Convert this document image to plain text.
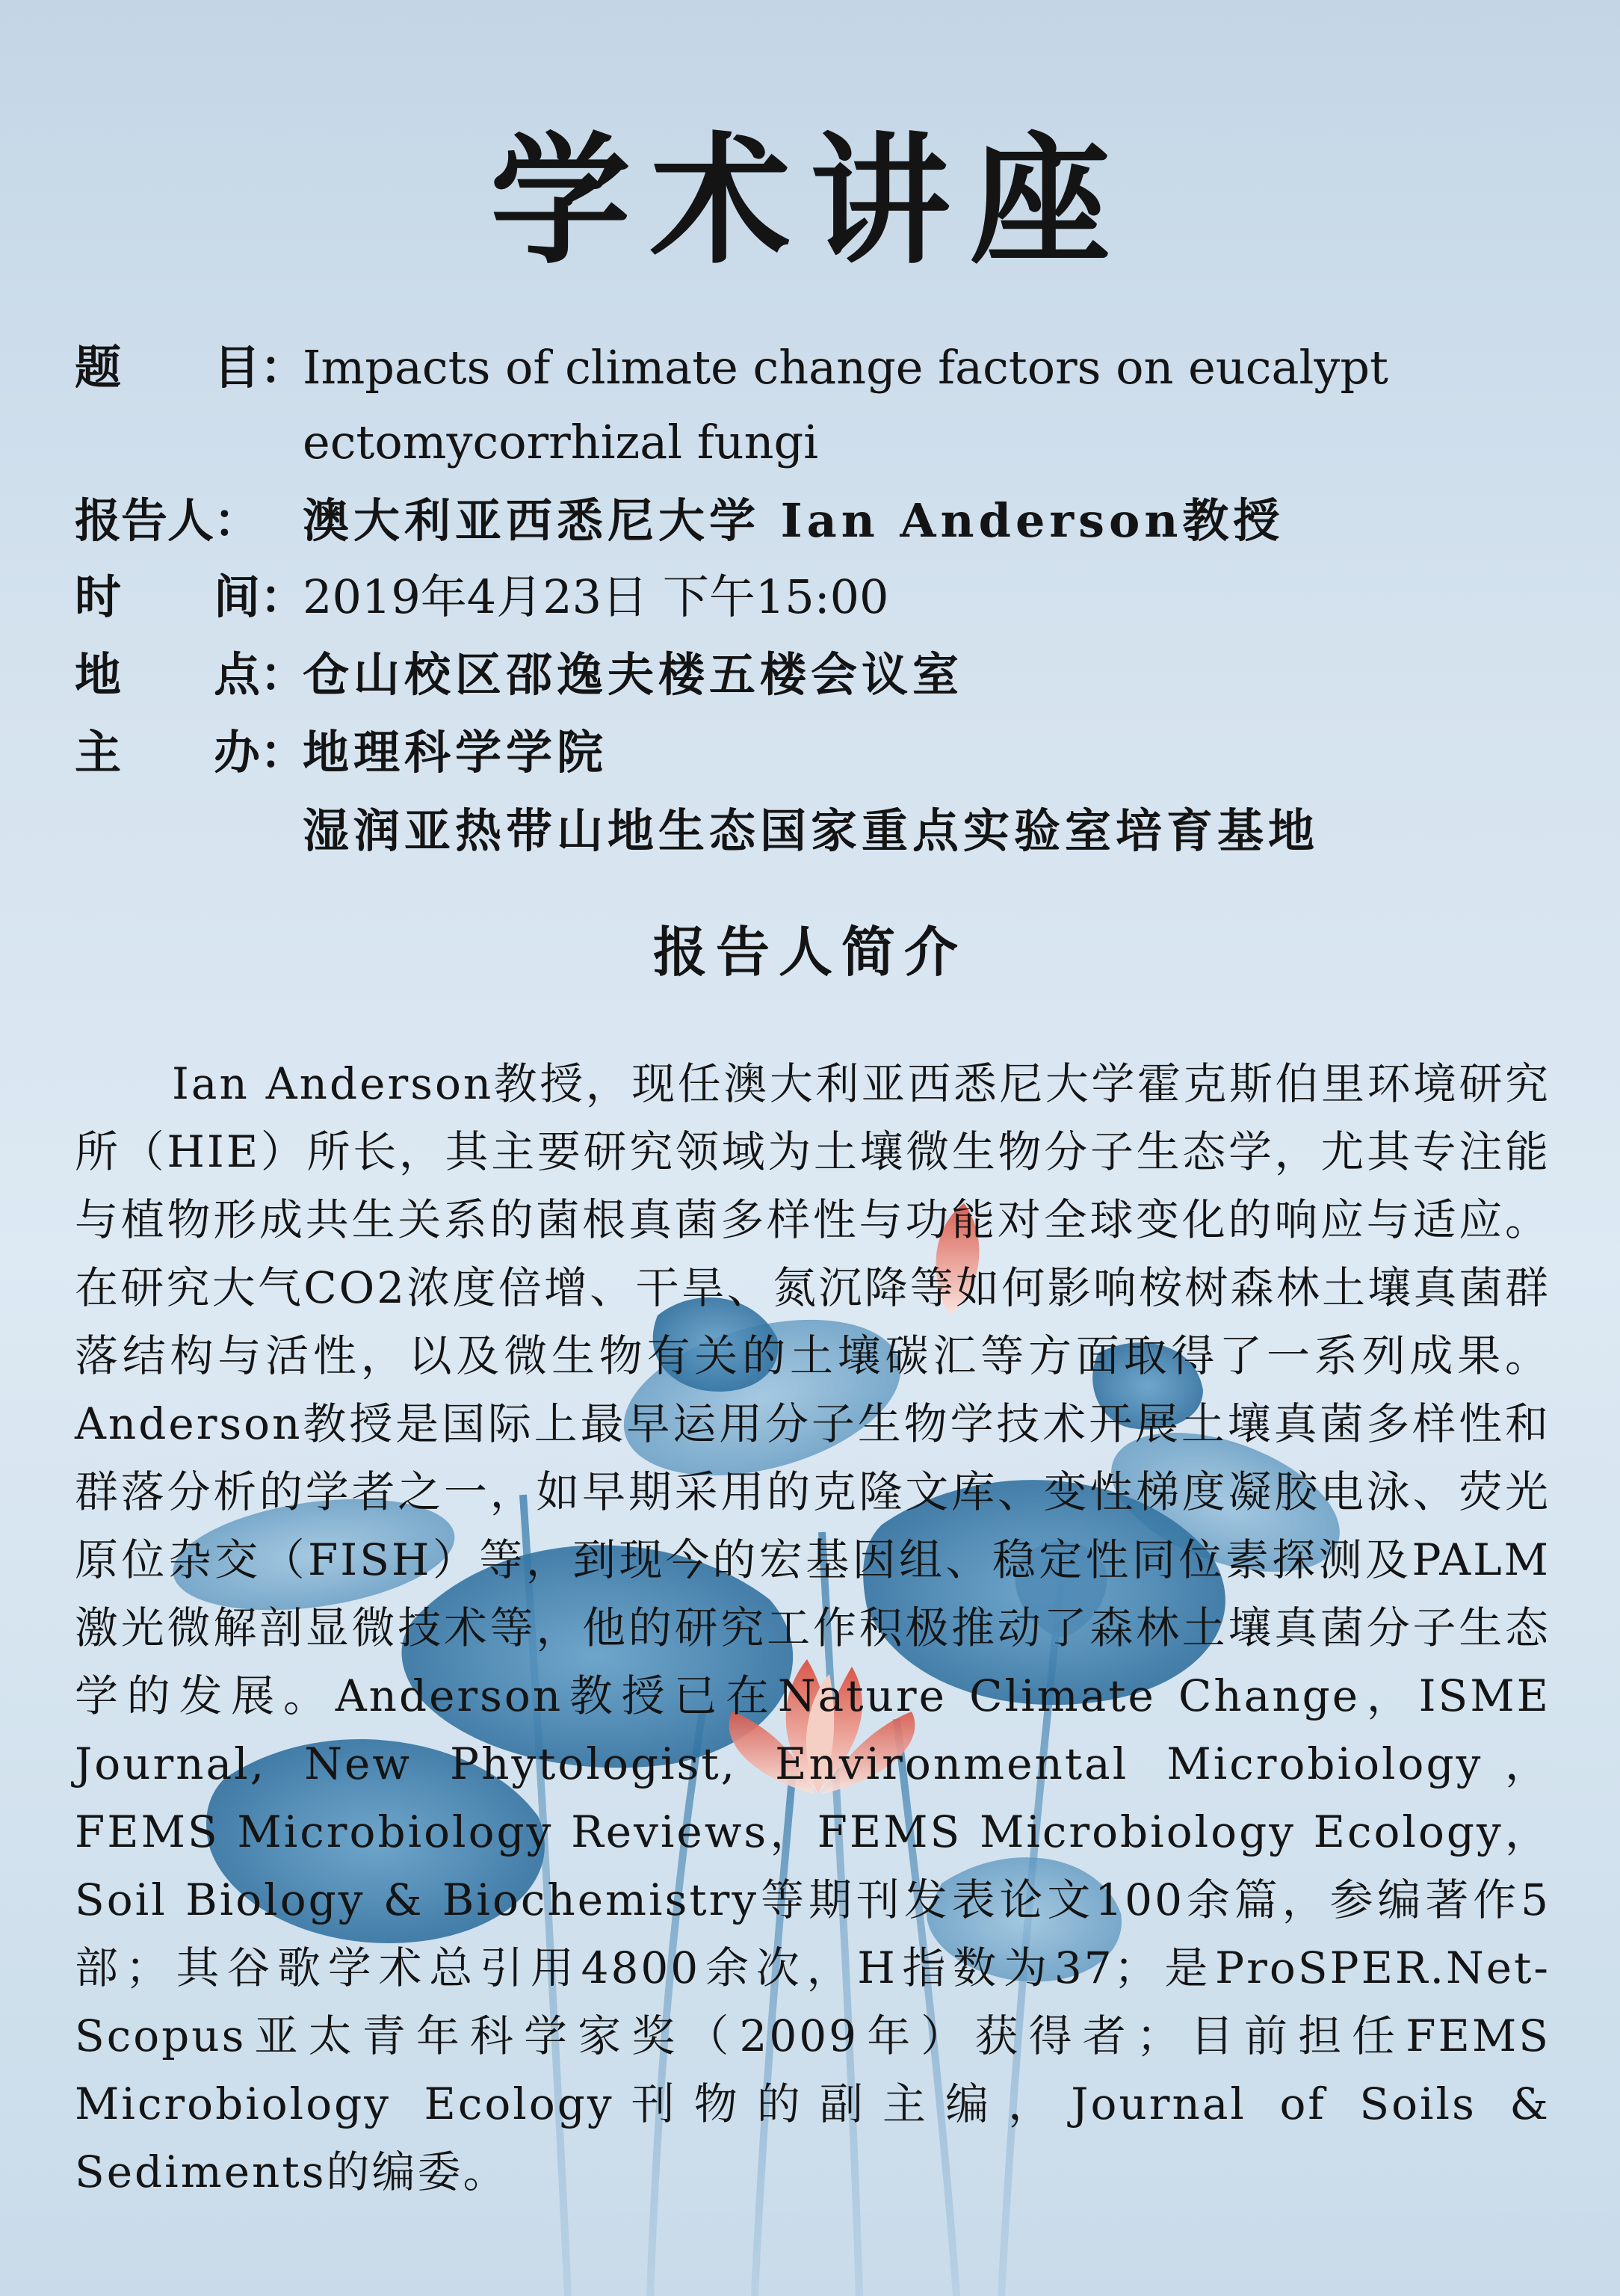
学术讲座
题　　目：
Impacts of climate change factors on eucalypt
ectomycorrhizal fungi
报告人： 澳大利亚西悉尼大学 Ian Anderson教授
时　　间：
2019年4月23日 下午15:00
地　　点：
仓山校区邵逸夫楼五楼会议室
主　　办：
地理科学学院
湿润亚热带山地生态国家重点实验室培育基地
报告人简介

Ian Anderson教授，现任澳大利亚西悉尼大学霍克斯伯里环境研究所（HIE）所长，其主要研究领域为土壤微生物分子生态学，尤其专注能与植物形成共生关系的菌根真菌多样性与功能对全球变化的响应与适应。在研究大气CO2浓度倍增、干旱、氮沉降等如何影响桉树森林土壤真菌群落结构与活性，以及微生物有关的土壤碳汇等方面取得了一系列成果。Anderson教授是国际上最早运用分子生物学技术开展土壤真菌多样性和群落分析的学者之一，如早期采用的克隆文库、变性梯度凝胶电泳、荧光原位杂交（FISH）等，到现今的宏基因组、稳定性同位素探测及PALM激光微解剖显微技术等，他的研究工作积极推动了森林土壤真菌分子生态学的发展。Anderson教授已在Nature Climate Change，ISME Journal, New Phytologist, Environmental Microbiology，FEMS Microbiology Reviews，FEMS Microbiology Ecology，Soil Biology & Biochemistry等期刊发表论文100余篇，参编著作5部；其谷歌学术总引用4800余次，H指数为37；是ProSPER.Net-Scopus亚太青年科学家奖（2009年）获得者；目前担任FEMS Microbiology Ecology刊物的副主编，Journal of Soils & Sediments的编委。
